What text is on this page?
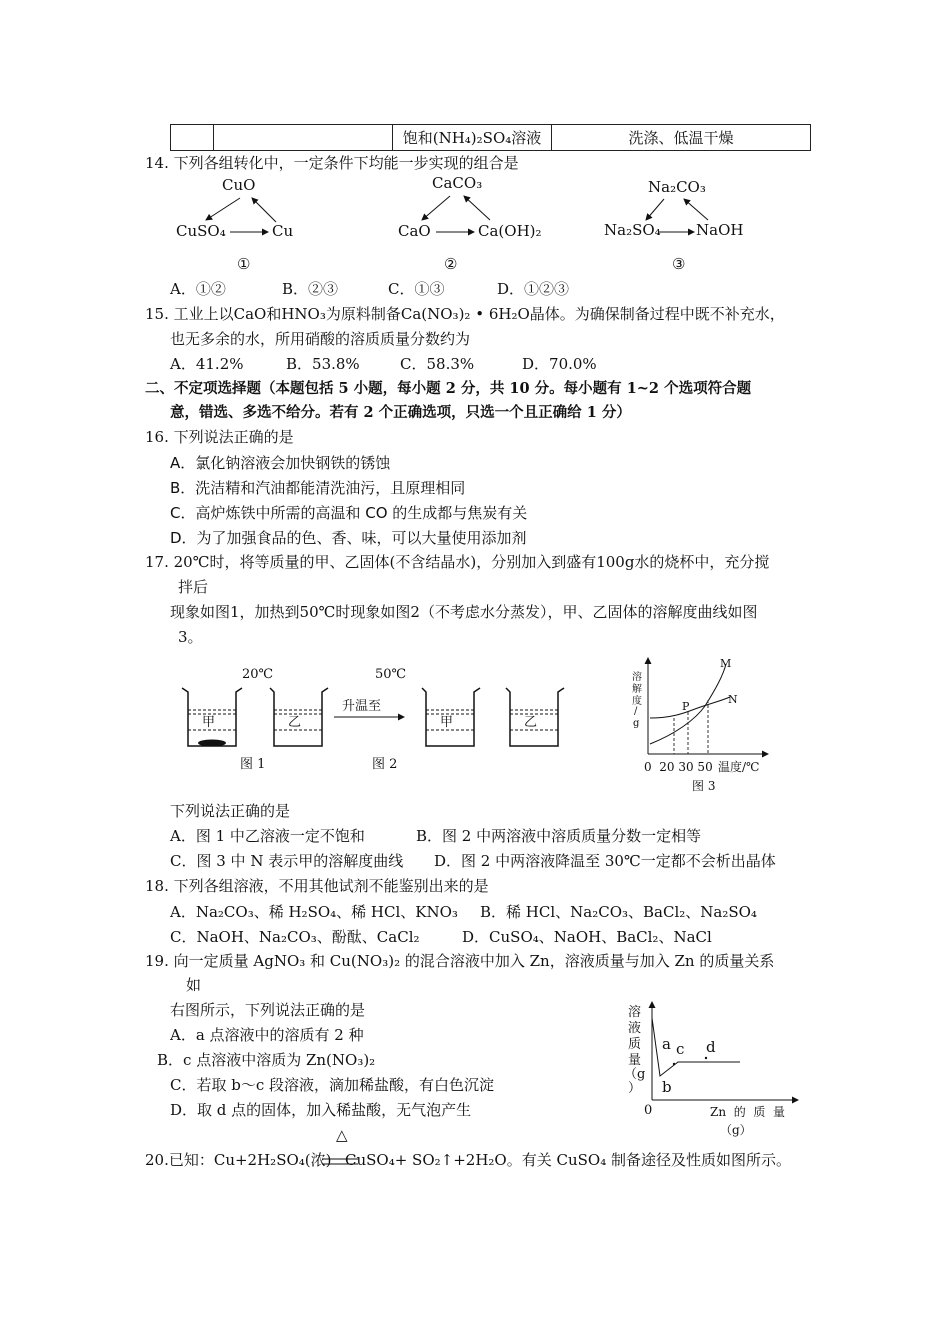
		饱和(NH₄)₂SO₄溶液	洗涤、低温干燥
14. 下列各组转化中，一定条件下均能一步实现的组合是
CuO
CuSO₄	Cu
①
CaCO₃
CaO	Ca(OH)₂
②
Na₂CO₃
Na₂SO₄ NaOH
③
A．①②	B．②③	C．①③	D．①②③
15. 工业上以CaO和HNO₃为原料制备Ca(NO₃)₂ • 6H₂O晶体。为确保制备过程中既不补充水，
也无多余的水，所用硝酸的溶质质量分数约为
A．41.2%	B．53.8%	C．58.3%	D．70.0%
二、不定项选择题（本题包括 5 小题，每小题 2 分，共 10 分。每小题有 1~2 个选项符合题
意，错选、多选不给分。若有 2 个正确选项，只选一个且正确给 1 分）
16. 下列说法正确的是
A．氯化钠溶液会加快钢铁的锈蚀
B．洗洁精和汽油都能清洗油污，且原理相同
C．高炉炼铁中所需的高温和 CO 的生成都与焦炭有关
D．为了加强食品的色、香、味，可以大量使用添加剂
17. 20℃时，将等质量的甲、乙固体(不含结晶水)，分别加入到盛有100g水的烧杯中，充分搅
拌后
现象如图1，加热到50℃时现象如图2（不考虑水分蒸发），甲、乙固体的溶解度曲线如图
3。
20℃	50℃
甲	乙
升温至
甲	乙
图 1	图 2
溶
解
度
/
g
M
N
P
0  20 30 50 温度/℃
图 3
下列说法正确的是
A．图 1 中乙溶液一定不饱和	B．图 2 中两溶液中溶质质量分数一定相等
C．图 3 中 N 表示甲的溶解度曲线 D．图 2 中两溶液降温至 30℃一定都不会析出晶体
18. 下列各组溶液，不用其他试剂不能鉴别出来的是
A．Na₂CO₃、稀 H₂SO₄、稀 HCl、KNO₃ B．稀 HCl、Na₂CO₃、BaCl₂、Na₂SO₄
C．NaOH、Na₂CO₃、酚酞、CaCl₂	D．CuSO₄、NaOH、BaCl₂、NaCl
19. 向一定质量 AgNO₃ 和 Cu(NO₃)₂ 的混合溶液中加入 Zn，溶液质量与加入 Zn 的质量关系
如
右图所示，下列说法正确的是
A．a 点溶液中的溶质有 2 种
B．c 点溶液中溶质为 Zn(NO₃)₂
C．若取 b～c 段溶液，滴加稀盐酸，有白色沉淀
D．取 d 点的固体，加入稀盐酸，无气泡产生
溶
液
质
量
（g
）
0
a
b
c d
Zn  的  质  量
（g）
△
20.已知：Cu+2H₂SO₄(浓) CuSO₄+ SO₂↑+2H₂O。有关 CuSO₄ 制备途径及性质如图所示。
